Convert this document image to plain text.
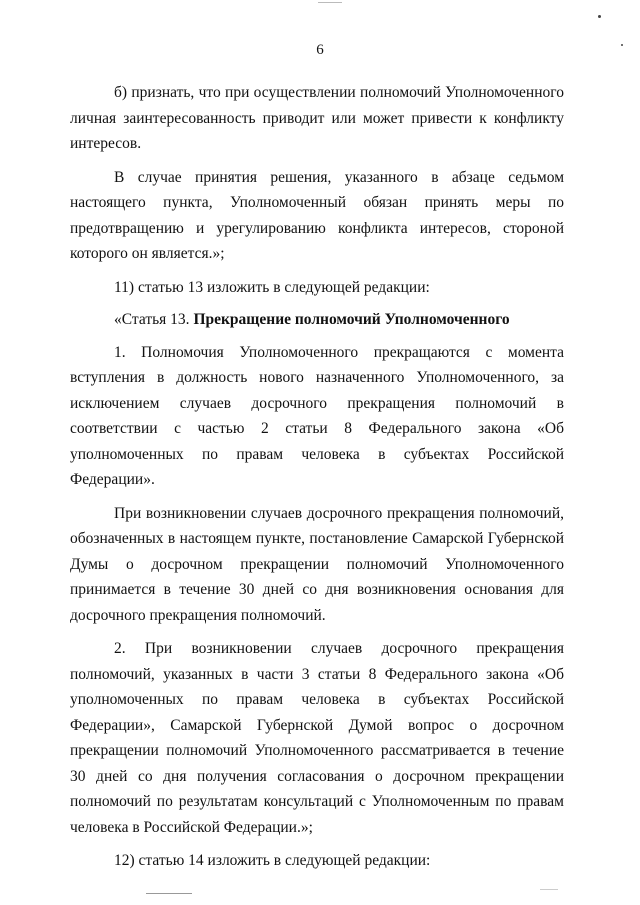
6

б) признать, что при осуществлении полномочий Уполномоченного личная заинтересованность приводит или может привести к конфликту интересов.

В случае принятия решения, указанного в абзаце седьмом настоящего пункта, Уполномоченный обязан принять меры по предотвращению и урегулированию конфликта интересов, стороной которого он является.»;

11) статью 13 изложить в следующей редакции:

«Статья 13. Прекращение полномочий Уполномоченного

1. Полномочия Уполномоченного прекращаются с момента вступления в должность нового назначенного Уполномоченного, за исключением случаев досрочного прекращения полномочий в соответствии с частью 2 статьи 8 Федерального закона «Об уполномоченных по правам человека в субъектах Российской Федерации».

При возникновении случаев досрочного прекращения полномочий, обозначенных в настоящем пункте, постановление Самарской Губернской Думы о досрочном прекращении полномочий Уполномоченного принимается в течение 30 дней со дня возникновения основания для досрочного прекращения полномочий.

2. При возникновении случаев досрочного прекращения полномочий, указанных в части 3 статьи 8 Федерального закона «Об уполномоченных по правам человека в субъектах Российской Федерации», Самарской Губернской Думой вопрос о досрочном прекращении полномочий Уполномоченного рассматривается в течение 30 дней со дня получения согласования о досрочном прекращении полномочий по результатам консультаций с Уполномоченным по правам человека в Российской Федерации.»;

12) статью 14 изложить в следующей редакции:
